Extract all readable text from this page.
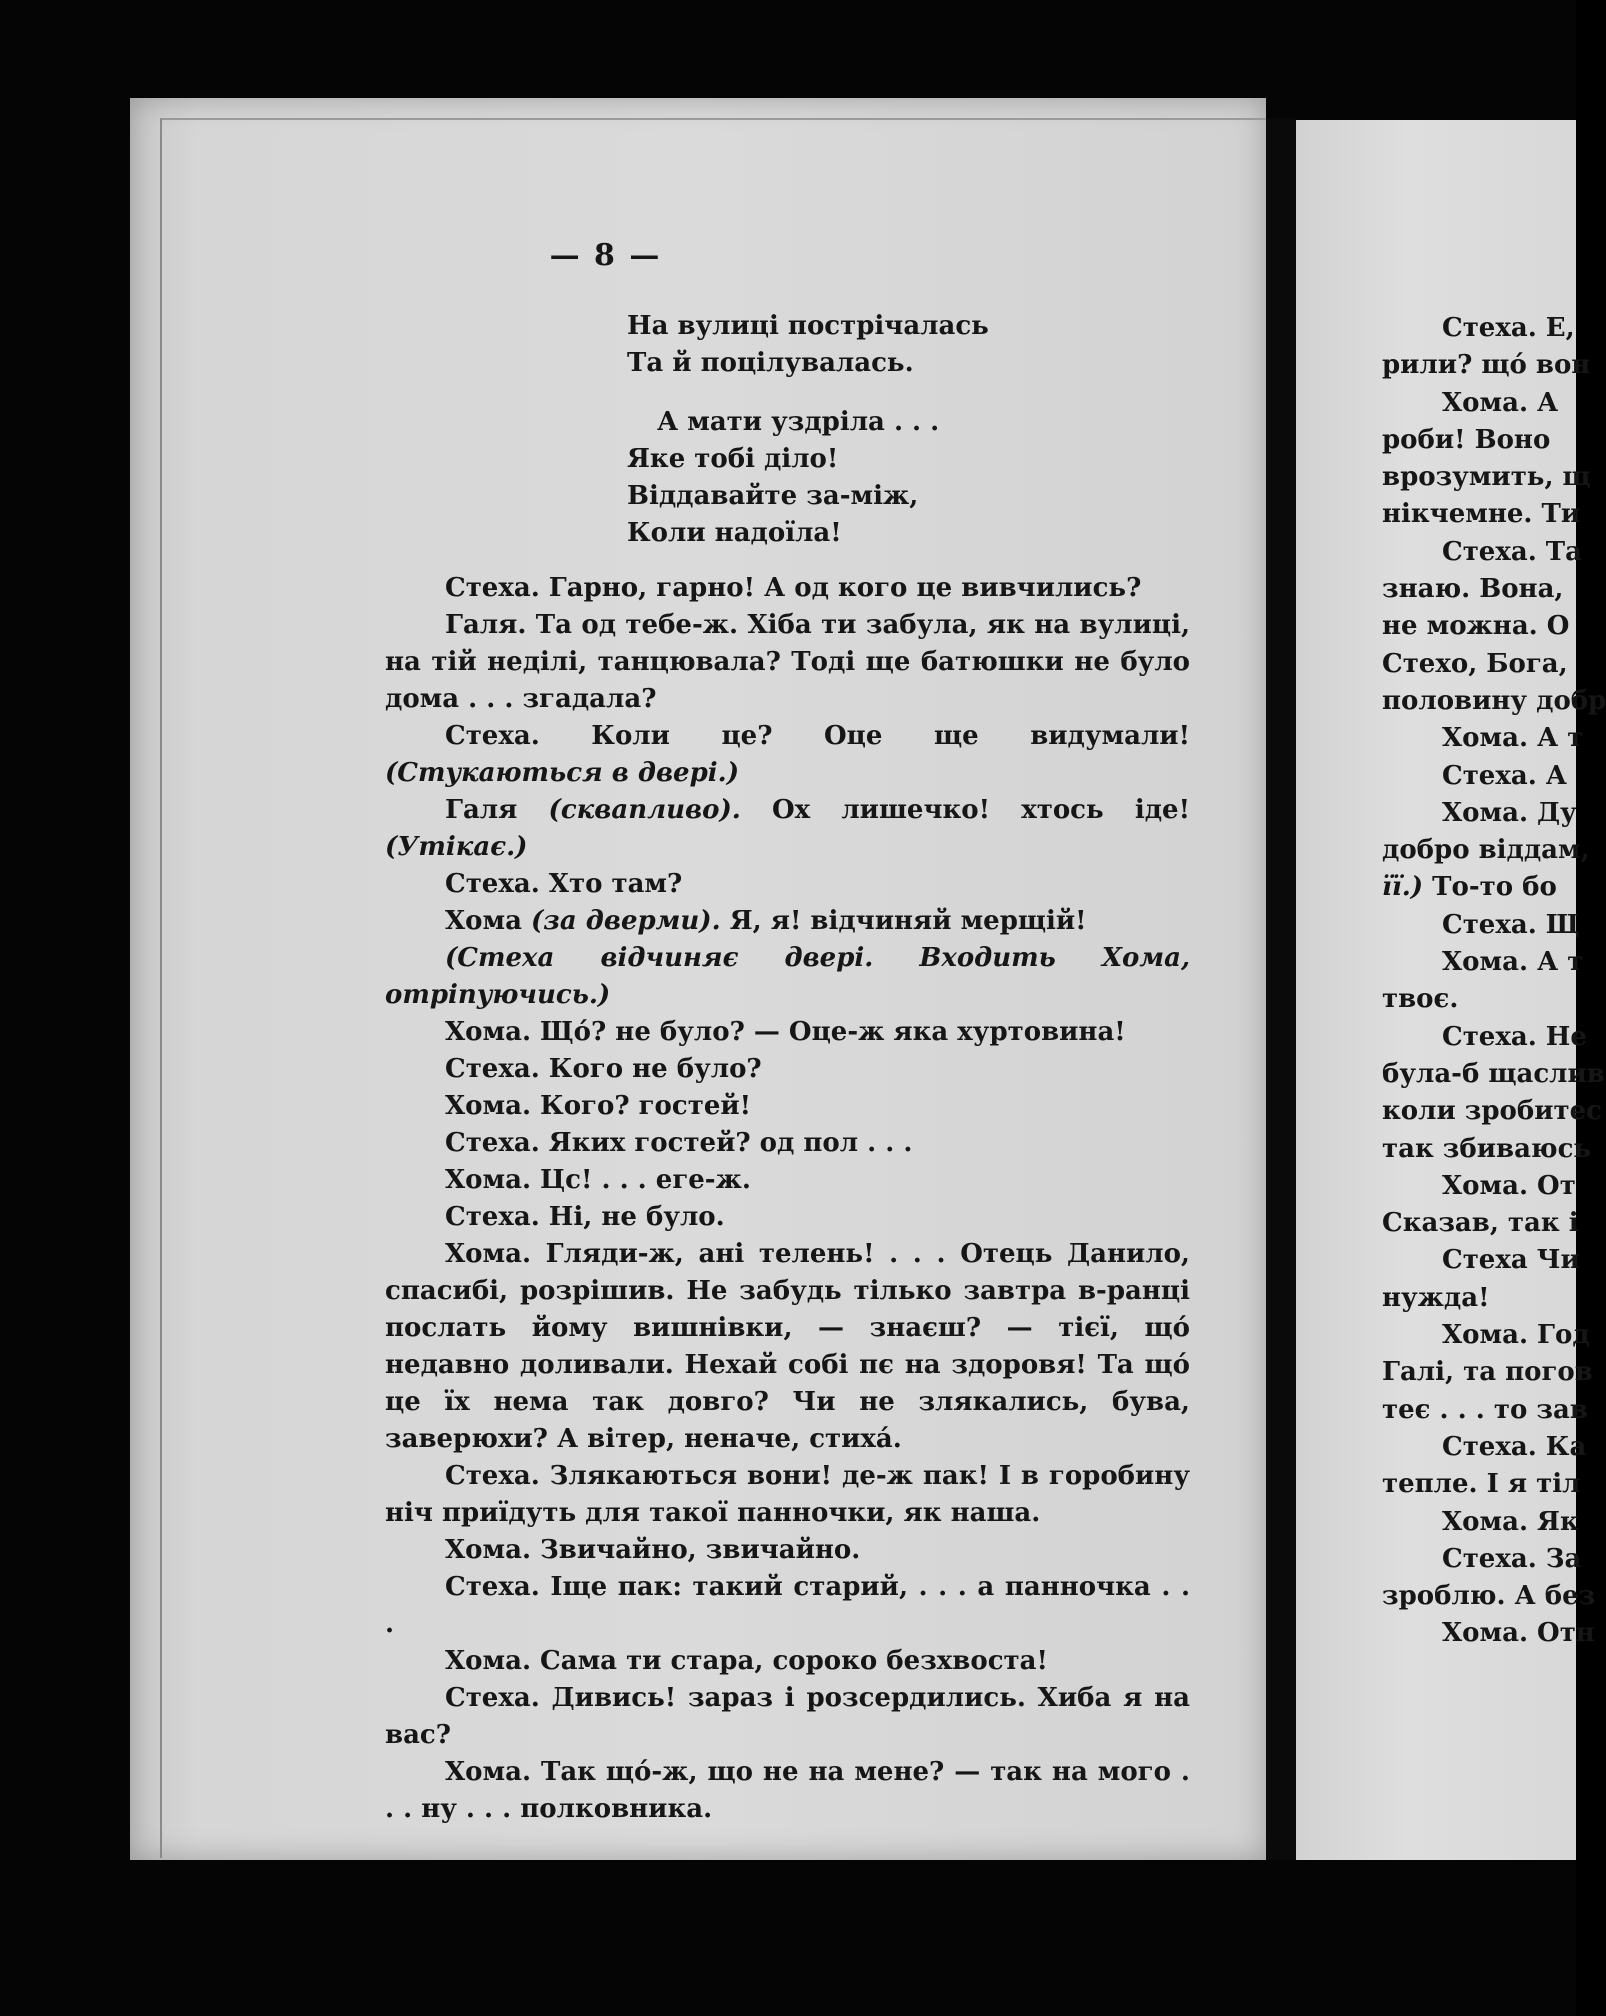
— 8 —
На вулиці пострічалась
Та й поцілувалась.
А мати уздріла . . .
Яке тобі діло!
Віддавайте за-між,
Коли надоїла!

Стеха. Гарно, гарно! А од кого це вивчились?

Галя. Та од тебе-ж. Хіба ти забула, як на вулиці, на тій неділі, танцювала? Тоді ще батюшки не було дома . . . згадала?

Стеха. Коли це? Оце ще видумали! (Стукаються в двері.)

Галя (сквапливо). Ох лишечко! хтось іде! (Утікає.)

Стеха. Хто там?

Хома (за дверми). Я, я! відчиняй мерщій!

(Стеха відчиняє двері. Входить Хома, отріпуючись.)

Хома. Щó? не було? — Оце-ж яка хуртовина!

Стеха. Кого не було?

Хома. Кого? гостей!

Стеха. Яких гостей? од пол . . .

Хома. Цс! . . . еге-ж.

Стеха. Ні, не було.

Хома. Гляди-ж, ані телень! . . . Отець Данило, спасибі, розрішив. Не забудь тілько завтра в-ранці послать йому вишнівки, — знаєш? — тієї, щó недавно доливали. Нехай собі пє на здоровя! Та щó це їх нема так довго? Чи не злякались, бува, заверюхи? А вітер, неначе, стихá.

Стеха. Злякаються вони! де-ж пак! І в горобину ніч приїдуть для такої панночки, як наша.

Хома. Звичайно, звичайно.

Стеха. Іще пак: такий старий, . . . а панночка . . .

Хома. Сама ти стара, сороко безхвоста!

Стеха. Дивись! зараз і розсердились. Хиба я на вас?

Хома. Так щó-ж, що не на мене? — так на мого . . . ну . . . полковника.

Стеха. Е,
рили? щó вон
Хома. А
роби! Воно
врозумить, щ
нікчемне. Ти
Стеха. Та
знаю. Вона,
не можна. О
Стехо, Бога,
половину добр
Хома. А т
Стеха. А
Хома. Ду
добро віддам,
її.) То-то бо
Стеха. Щ
Хома. А т
твоє.
Стеха. Не
була-б щаслив
коли зробитес
так збиваюсь
Хома. От
Сказав, так і
Стеха Чи
нужда!
Хома. Год
Галі, та погов
теє . . . то зав
Стеха. Ка
тепле. І я тіл
Хома. Як
Стеха. За
зроблю. А без
Хома. Отн
